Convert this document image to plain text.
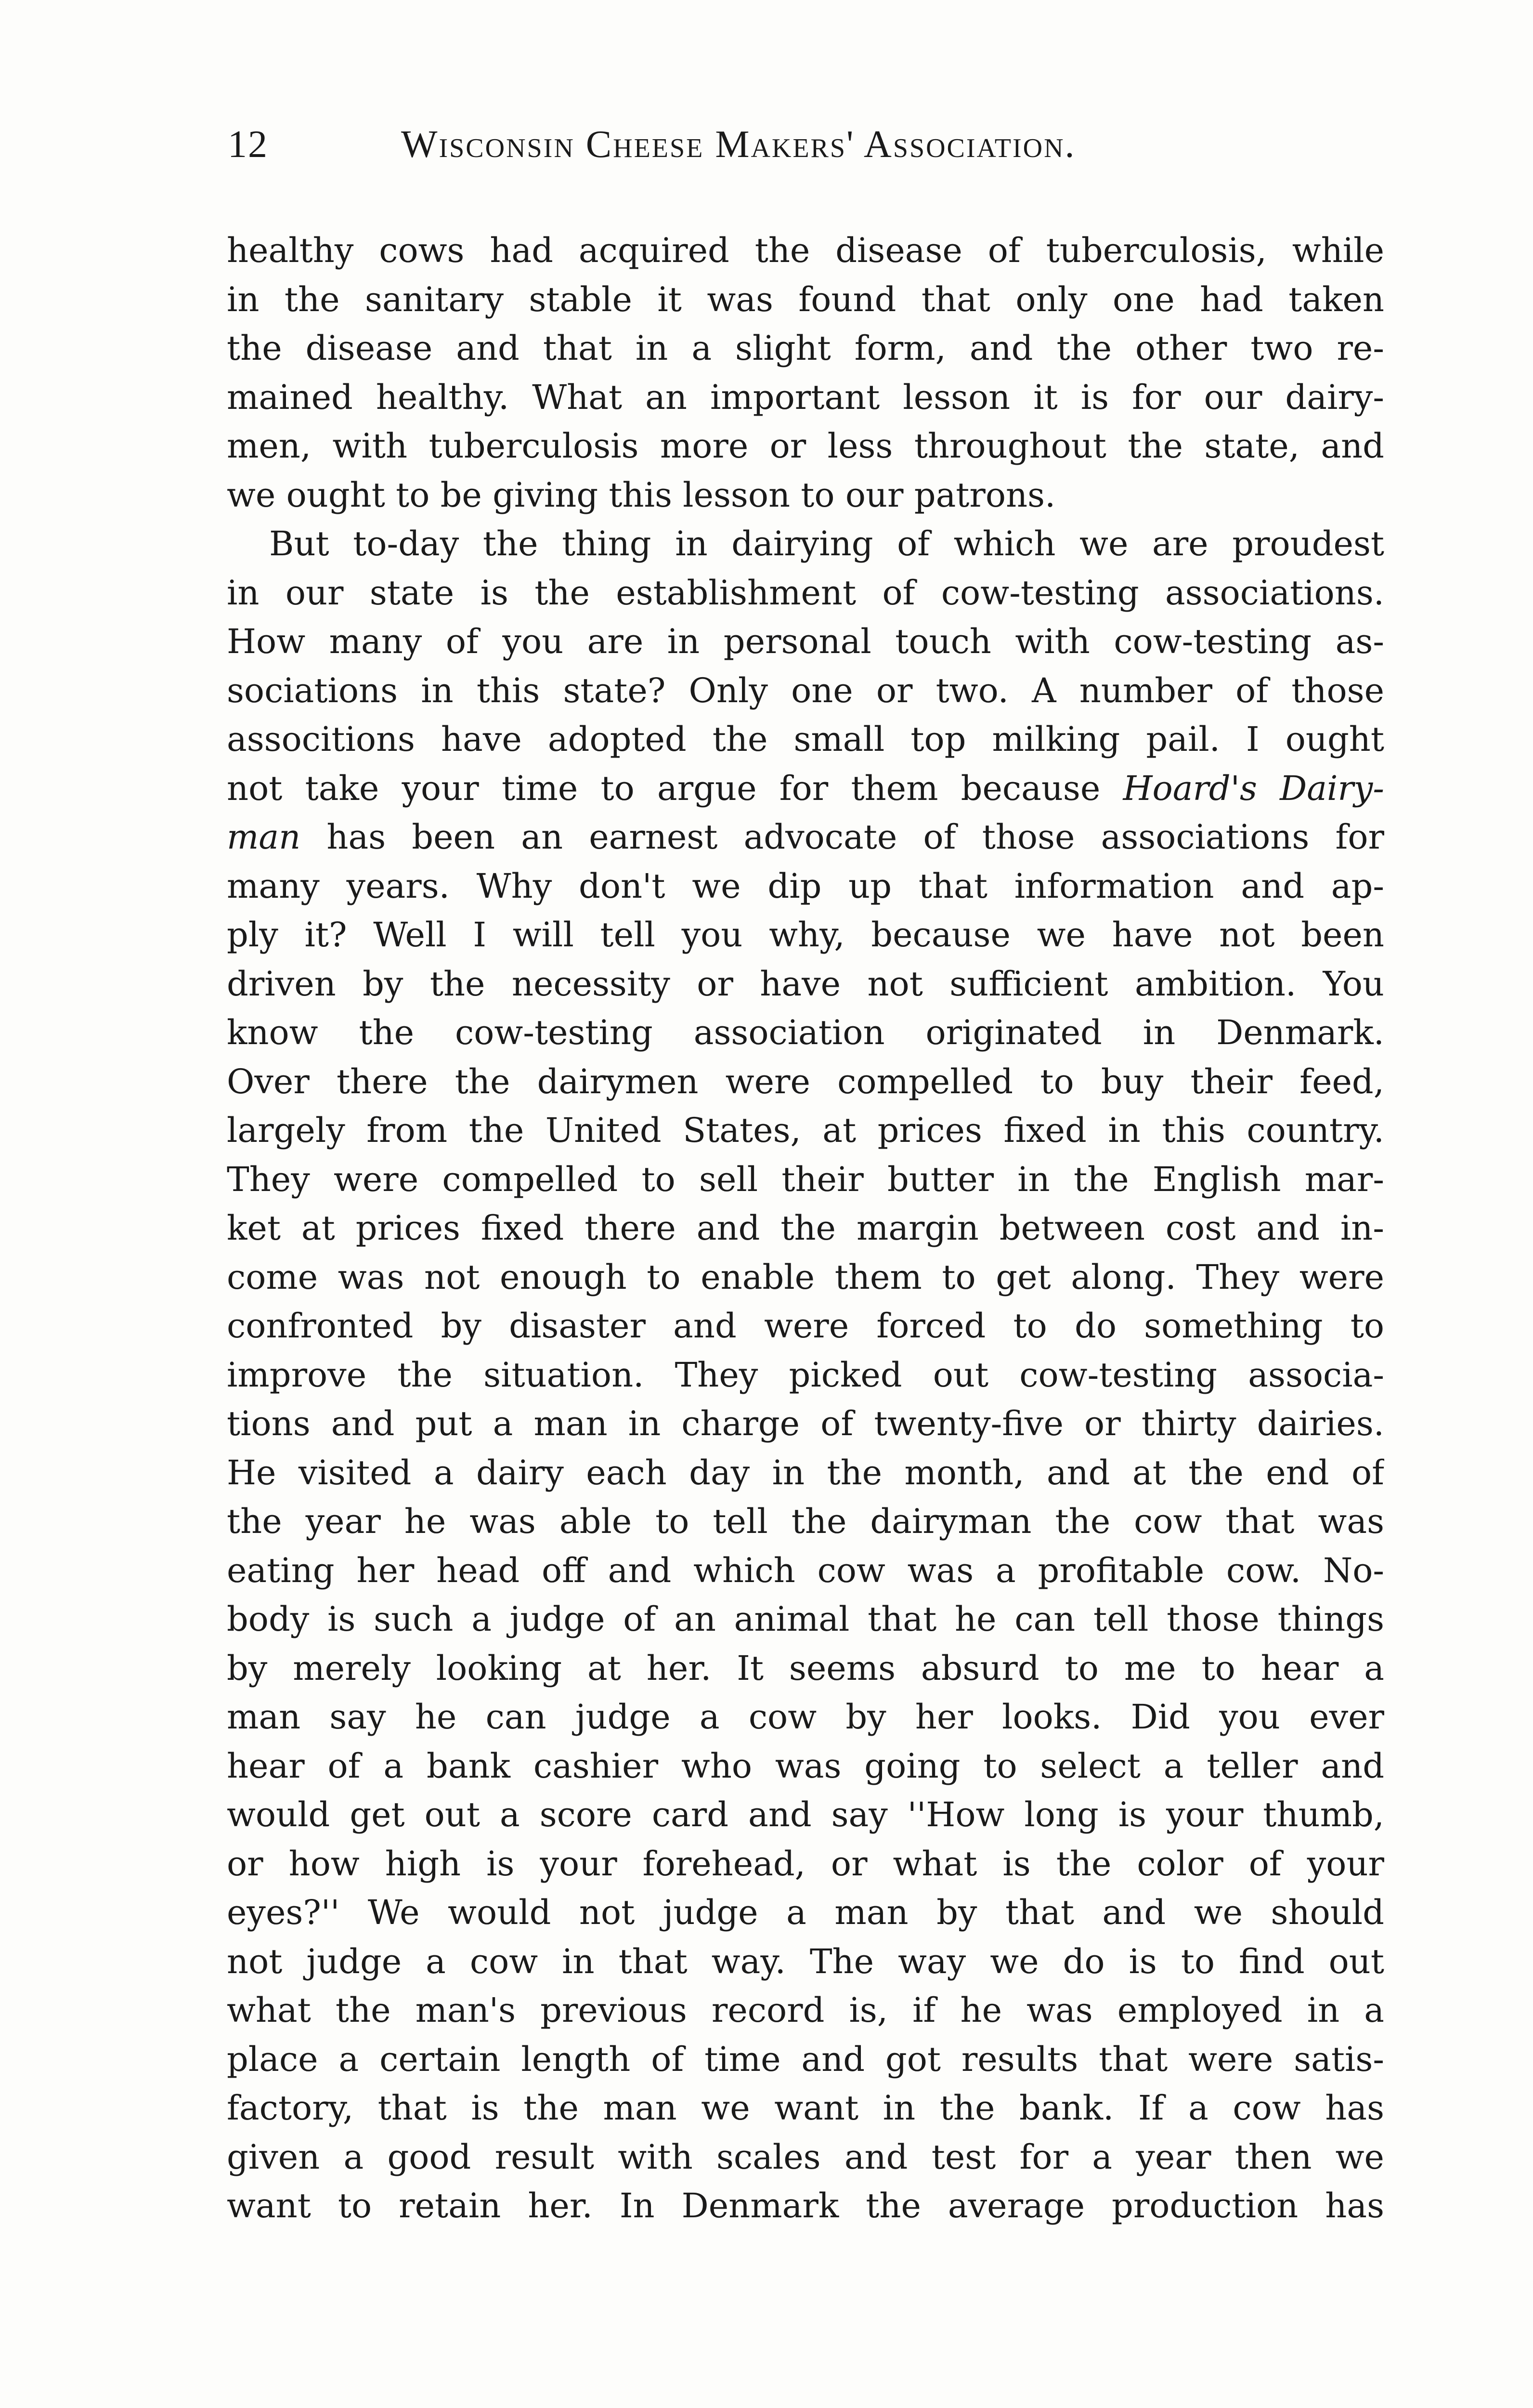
12	Wisconsin Cheese Makers' Association.
healthy cows had acquired the disease of tuberculosis, while
in the sanitary stable it was found that only one had taken
the disease and that in a slight form, and the other two re-
mained healthy. What an important lesson it is for our dairy-
men, with tuberculosis more or less throughout the state, and
we ought to be giving this lesson to our patrons.
But to-day the thing in dairying of which we are proudest
in our state is the establishment of cow-testing associations.
How many of you are in personal touch with cow-testing as-
sociations in this state? Only one or two. A number of those
associtions have adopted the small top milking pail. I ought
not take your time to argue for them because Hoard's Dairy-
man has been an earnest advocate of those associations for
many years. Why don't we dip up that information and ap-
ply it? Well I will tell you why, because we have not been
driven by the necessity or have not sufficient ambition. You
know the cow-testing association originated in Denmark.
Over there the dairymen were compelled to buy their feed,
largely from the United States, at prices fixed in this country.
They were compelled to sell their butter in the English mar-
ket at prices fixed there and the margin between cost and in-
come was not enough to enable them to get along. They were
confronted by disaster and were forced to do something to
improve the situation. They picked out cow-testing associa-
tions and put a man in charge of twenty-five or thirty dairies.
He visited a dairy each day in the month, and at the end of
the year he was able to tell the dairyman the cow that was
eating her head off and which cow was a profitable cow. No-
body is such a judge of an animal that he can tell those things
by merely looking at her. It seems absurd to me to hear a
man say he can judge a cow by her looks. Did you ever
hear of a bank cashier who was going to select a teller and
would get out a score card and say ''How long is your thumb,
or how high is your forehead, or what is the color of your
eyes?'' We would not judge a man by that and we should
not judge a cow in that way. The way we do is to find out
what the man's previous record is, if he was employed in a
place a certain length of time and got results that were satis-
factory, that is the man we want in the bank. If a cow has
given a good result with scales and test for a year then we
want to retain her. In Denmark the average production has
